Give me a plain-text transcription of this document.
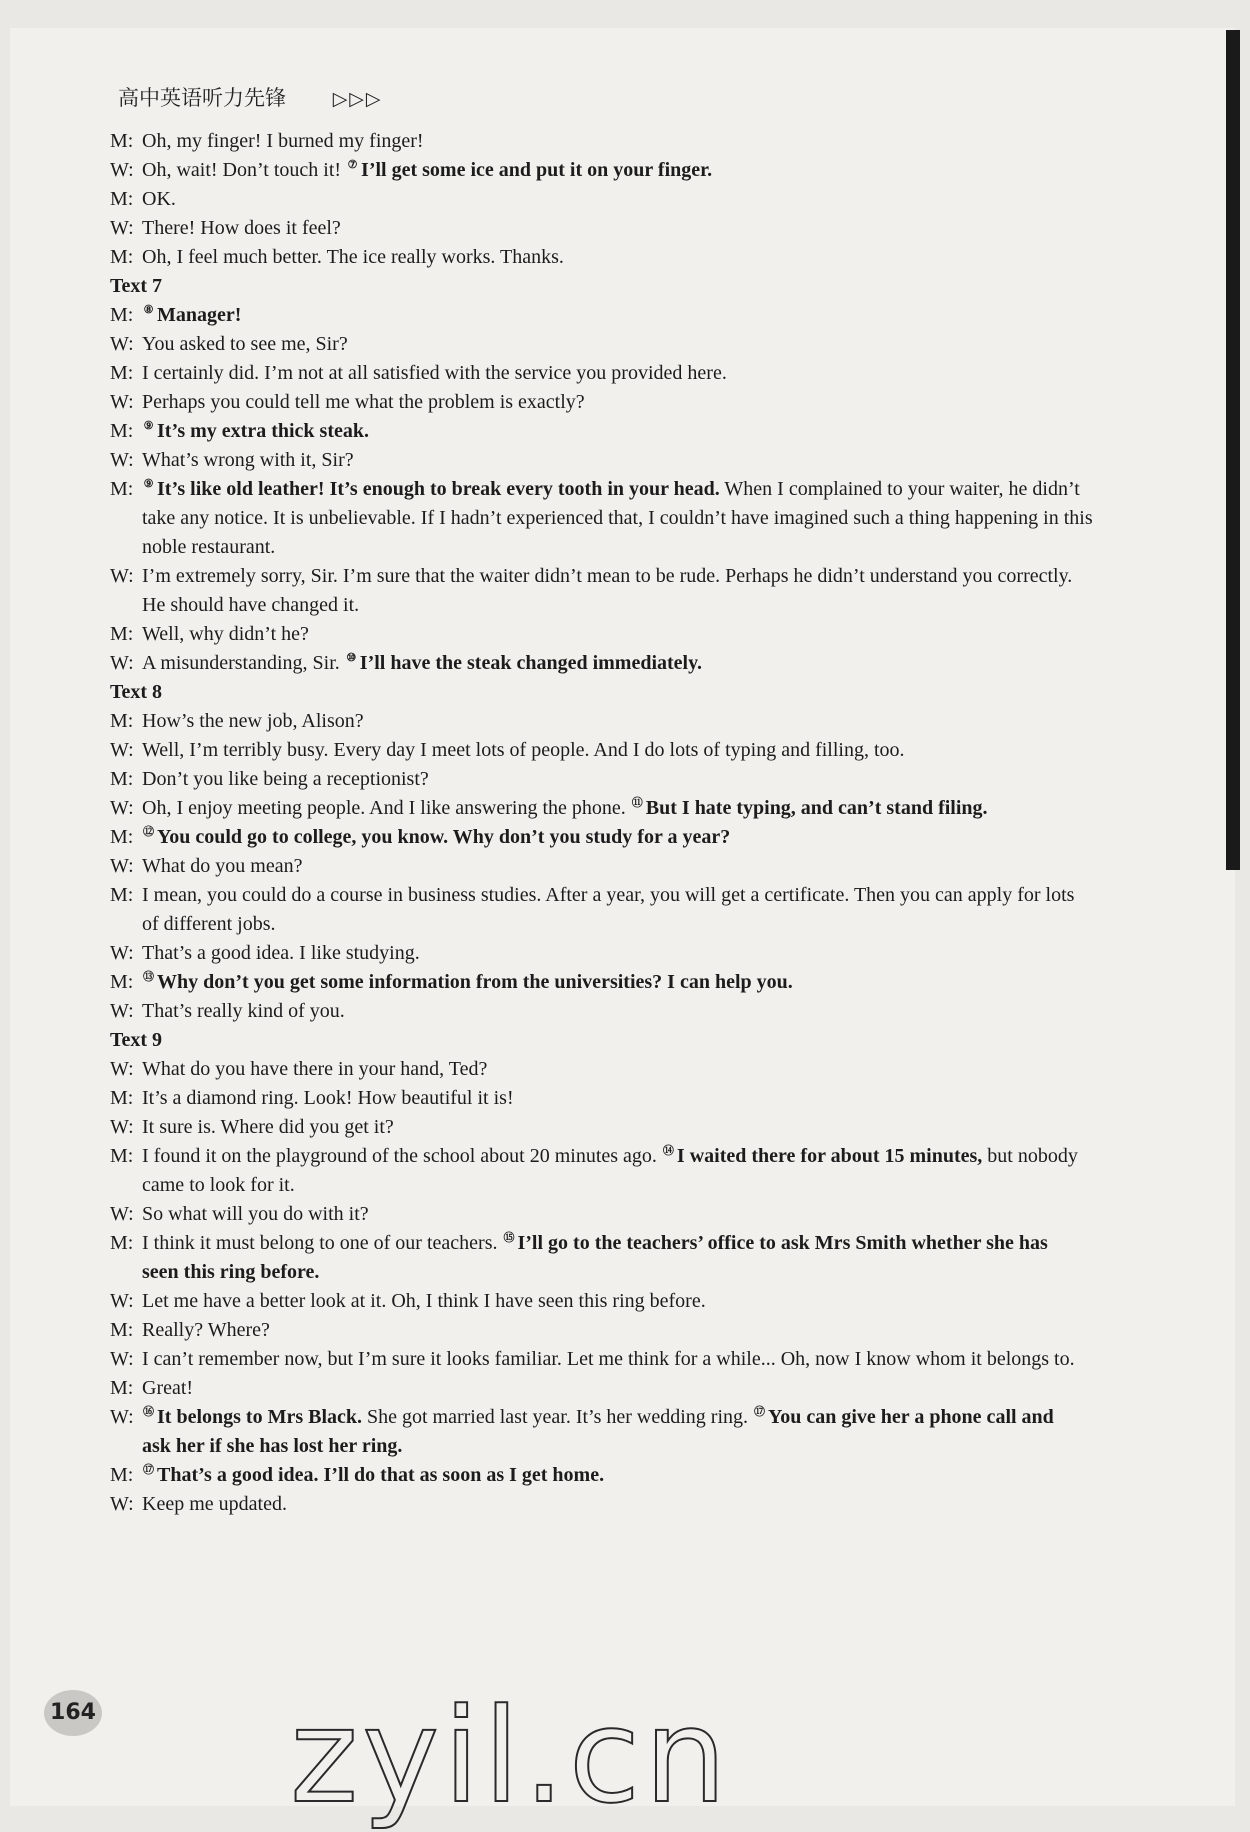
高中英语听力先锋 ▷▷▷
M: Oh, my finger! I burned my finger!
W: Oh, wait! Don’t touch it! ⑦ I’ll get some ice and put it on your finger.
M: OK.
W: There! How does it feel?
M: Oh, I feel much better. The ice really works. Thanks.
Text 7
M: ⑧ Manager!
W: You asked to see me, Sir?
M: I certainly did. I’m not at all satisfied with the service you provided here.
W: Perhaps you could tell me what the problem is exactly?
M: ⑨ It’s my extra thick steak.
W: What’s wrong with it, Sir?
M: ⑨ It’s like old leather! It’s enough to break every tooth in your head. When I complained to your waiter, he didn’t
take any notice. It is unbelievable. If I hadn’t experienced that, I couldn’t have imagined such a thing happening in this
noble restaurant.
W: I’m extremely sorry, Sir. I’m sure that the waiter didn’t mean to be rude. Perhaps he didn’t understand you correctly.
He should have changed it.
M: Well, why didn’t he?
W: A misunderstanding, Sir. ⑩ I’ll have the steak changed immediately.
Text 8
M: How’s the new job, Alison?
W: Well, I’m terribly busy. Every day I meet lots of people. And I do lots of typing and filling, too.
M: Don’t you like being a receptionist?
W: Oh, I enjoy meeting people. And I like answering the phone. ⑪ But I hate typing, and can’t stand filing.
M: ⑫ You could go to college, you know. Why don’t you study for a year?
W: What do you mean?
M: I mean, you could do a course in business studies. After a year, you will get a certificate. Then you can apply for lots
of different jobs.
W: That’s a good idea. I like studying.
M: ⑬ Why don’t you get some information from the universities? I can help you.
W: That’s really kind of you.
Text 9
W: What do you have there in your hand, Ted?
M: It’s a diamond ring. Look! How beautiful it is!
W: It sure is. Where did you get it?
M: I found it on the playground of the school about 20 minutes ago. ⑭ I waited there for about 15 minutes, but nobody
came to look for it.
W: So what will you do with it?
M: I think it must belong to one of our teachers. ⑮ I’ll go to the teachers’ office to ask Mrs Smith whether she has
seen this ring before.
W: Let me have a better look at it. Oh, I think I have seen this ring before.
M: Really? Where?
W: I can’t remember now, but I’m sure it looks familiar. Let me think for a while... Oh, now I know whom it belongs to.
M: Great!
W: ⑯ It belongs to Mrs Black. She got married last year. It’s her wedding ring. ⑰ You can give her a phone call and
ask her if she has lost her ring.
M: ⑰ That’s a good idea. I’ll do that as soon as I get home.
W: Keep me updated.
164 zyil.cn
